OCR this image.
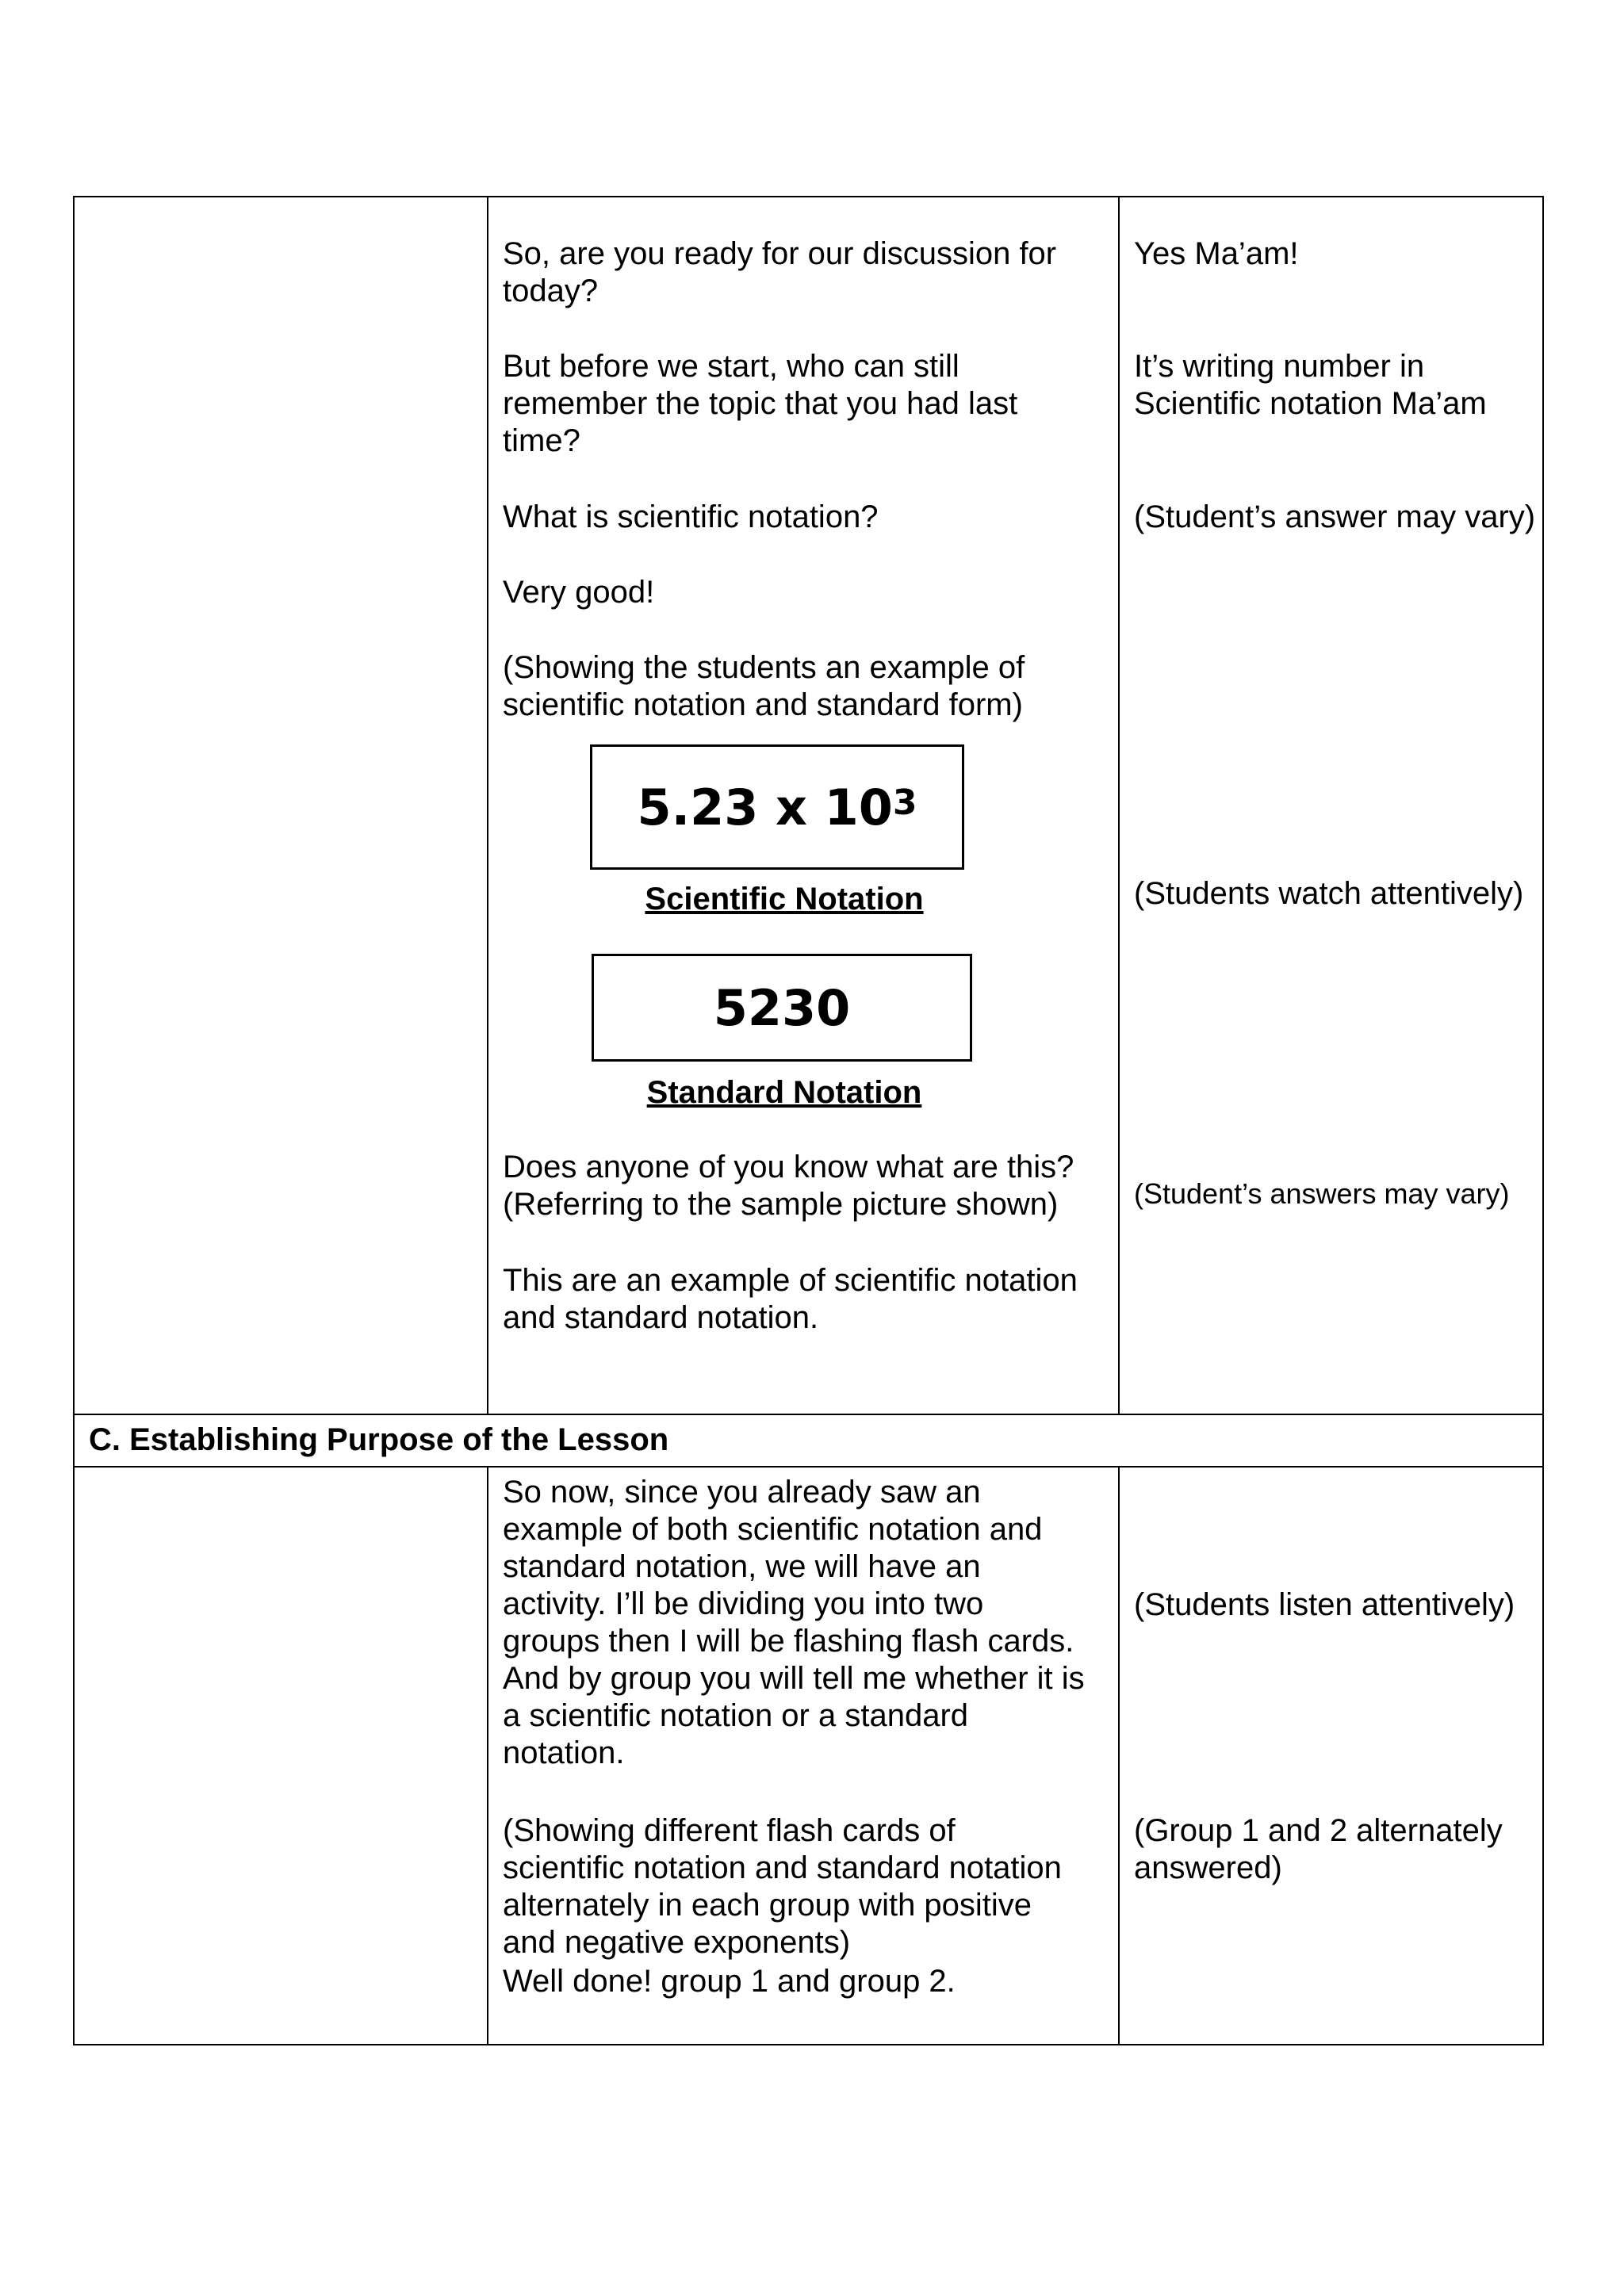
So, are you ready for our discussion for
today?

But before we start, who can still
remember the topic that you had last
time?

What is scientific notation?

Very good!

(Showing the students an example of
scientific notation and standard form)

5.23 x $10^3$
Scientific Notation
5230
Standard Notation

Does anyone of you know what are this?
(Referring to the sample picture shown)

This are an example of scientific notation
and standard notation.

Yes Ma’am!

It’s writing number in
Scientific notation Ma’am

(Student’s answer may vary)

(Students watch attentively)

(Student’s answers may vary)

C. Establishing Purpose of the Lesson

So now, since you already saw an
example of both scientific notation and
standard notation, we will have an
activity. I’ll be dividing you into two
groups then I will be flashing flash cards.
And by group you will tell me whether it is
a scientific notation or a standard
notation.

(Showing different flash cards of
scientific notation and standard notation
alternately in each group with positive
and negative exponents)

Well done! group 1 and group 2.

(Students listen attentively)

(Group 1 and 2 alternately
answered)
